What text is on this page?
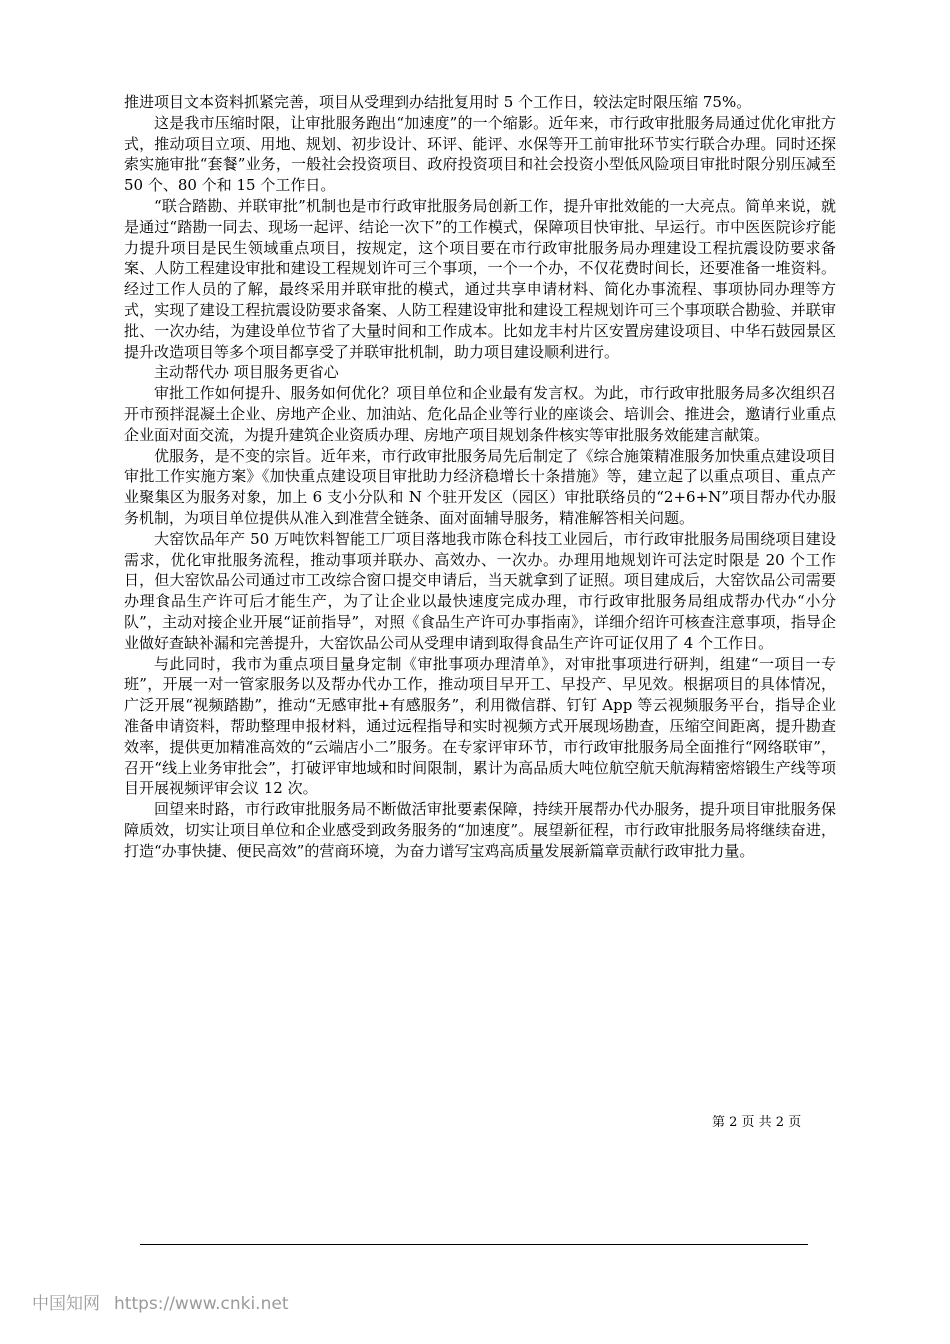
推进项目文本资料抓紧完善，项目从受理到办结批复用时 5 个工作日，较法定时限压缩 75%。

这是我市压缩时限，让审批服务跑出“加速度”的一个缩影。近年来，市行政审批服务局通过优化审批方式，推动项目立项、用地、规划、初步设计、环评、能评、水保等开工前审批环节实行联合办理。同时还探索实施审批“套餐”业务，一般社会投资项目、政府投资项目和社会投资小型低风险项目审批时限分别压减至 50 个、80 个和 15 个工作日。

“联合踏勘、并联审批”机制也是市行政审批服务局创新工作，提升审批效能的一大亮点。简单来说，就是通过“踏勘一同去、现场一起评、结论一次下”的工作模式，保障项目快审批、早运行。市中医医院诊疗能力提升项目是民生领域重点项目，按规定，这个项目要在市行政审批服务局办理建设工程抗震设防要求备案、人防工程建设审批和建设工程规划许可三个事项，一个一个办，不仅花费时间长，还要准备一堆资料。经过工作人员的了解，最终采用并联审批的模式，通过共享申请材料、简化办事流程、事项协同办理等方式，实现了建设工程抗震设防要求备案、人防工程建设审批和建设工程规划许可三个事项联合勘验、并联审批、一次办结，为建设单位节省了大量时间和工作成本。比如龙丰村片区安置房建设项目、中华石鼓园景区提升改造项目等多个项目都享受了并联审批机制，助力项目建设顺利进行。

主动帮代办 项目服务更省心

审批工作如何提升、服务如何优化？项目单位和企业最有发言权。为此，市行政审批服务局多次组织召开市预拌混凝土企业、房地产企业、加油站、危化品企业等行业的座谈会、培训会、推进会，邀请行业重点企业面对面交流，为提升建筑企业资质办理、房地产项目规划条件核实等审批服务效能建言献策。

优服务，是不变的宗旨。近年来，市行政审批服务局先后制定了《综合施策精准服务加快重点建设项目审批工作实施方案》《加快重点建设项目审批助力经济稳增长十条措施》等，建立起了以重点项目、重点产业聚集区为服务对象，加上 6 支小分队和 N 个驻开发区（园区）审批联络员的“2+6+N”项目帮办代办服务机制，为项目单位提供从准入到准营全链条、面对面辅导服务，精准解答相关问题。

大窑饮品年产 50 万吨饮料智能工厂项目落地我市陈仓科技工业园后，市行政审批服务局围绕项目建设需求，优化审批服务流程，推动事项并联办、高效办、一次办。办理用地规划许可法定时限是 20 个工作日，但大窑饮品公司通过市工改综合窗口提交申请后，当天就拿到了证照。项目建成后，大窑饮品公司需要办理食品生产许可后才能生产，为了让企业以最快速度完成办理，市行政审批服务局组成帮办代办“小分队”，主动对接企业开展“证前指导”，对照《食品生产许可办事指南》，详细介绍许可核查注意事项，指导企业做好查缺补漏和完善提升，大窑饮品公司从受理申请到取得食品生产许可证仅用了 4 个工作日。

与此同时，我市为重点项目量身定制《审批事项办理清单》，对审批事项进行研判，组建“一项目一专班”，开展一对一管家服务以及帮办代办工作，推动项目早开工、早投产、早见效。根据项目的具体情况，广泛开展“视频踏勘”，推动“无感审批+有感服务”，利用微信群、钉钉 App 等云视频服务平台，指导企业准备申请资料，帮助整理申报材料，通过远程指导和实时视频方式开展现场勘查，压缩空间距离，提升勘查效率，提供更加精准高效的“云端店小二”服务。在专家评审环节，市行政审批服务局全面推行“网络联审”，召开“线上业务审批会”，打破评审地域和时间限制，累计为高品质大吨位航空航天航海精密熔锻生产线等项目开展视频评审会议 12 次。

回望来时路，市行政审批服务局不断做活审批要素保障，持续开展帮办代办服务，提升项目审批服务保障质效，切实让项目单位和企业感受到政务服务的“加速度”。展望新征程，市行政审批服务局将继续奋进，打造“办事快捷、便民高效”的营商环境，为奋力谱写宝鸡高质量发展新篇章贡献行政审批力量。

第 2 页 共 2 页
中国知网 https://www.cnki.net
